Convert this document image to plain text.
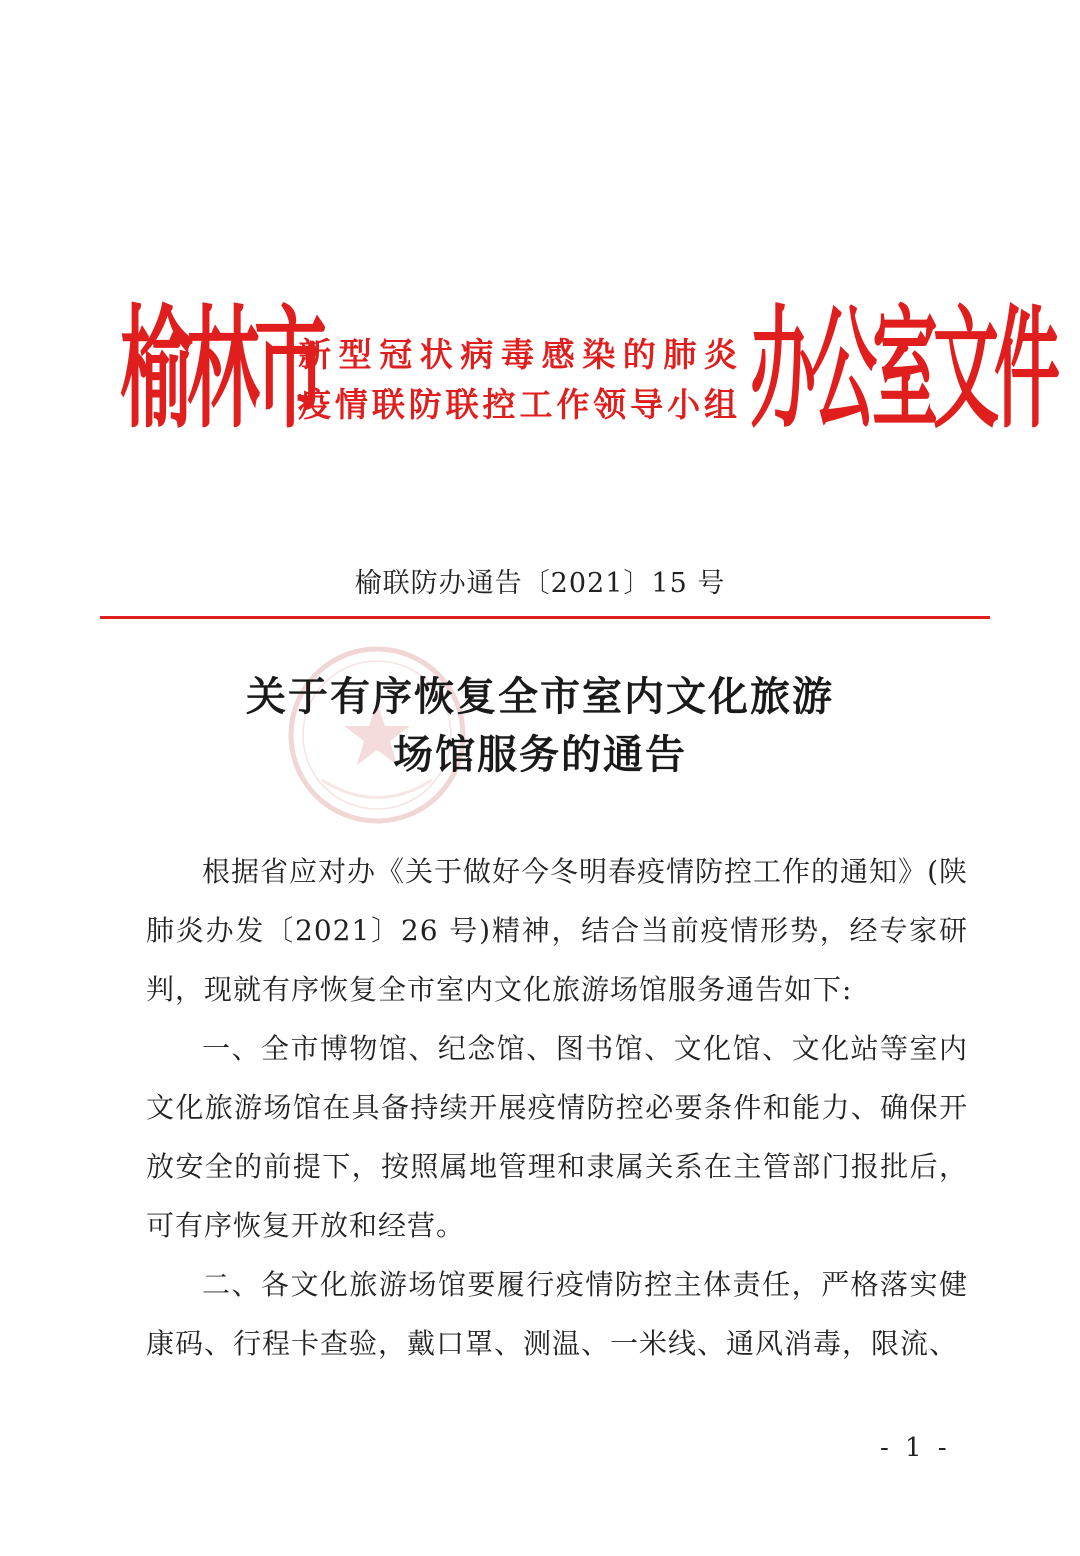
榆林市
新型冠状病毒感染的肺炎
疫情联防联控工作领导小组 办公室文件
榆联防办通告〔2021〕15 号
关于有序恢复全市室内文化旅游
场馆服务的通告

根据省应对办《关于做好今冬明春疫情防控工作的通知》(陕肺炎办发〔2021〕26 号)精神，结合当前疫情形势，经专家研判，现就有序恢复全市室内文化旅游场馆服务通告如下:

一、全市博物馆、纪念馆、图书馆、文化馆、文化站等室内文化旅游场馆在具备持续开展疫情防控必要条件和能力、确保开放安全的前提下，按照属地管理和隶属关系在主管部门报批后，可有序恢复开放和经营。

二、各文化旅游场馆要履行疫情防控主体责任，严格落实健康码、行程卡查验，戴口罩、测温、一米线、通风消毒，限流、

- 1 -
